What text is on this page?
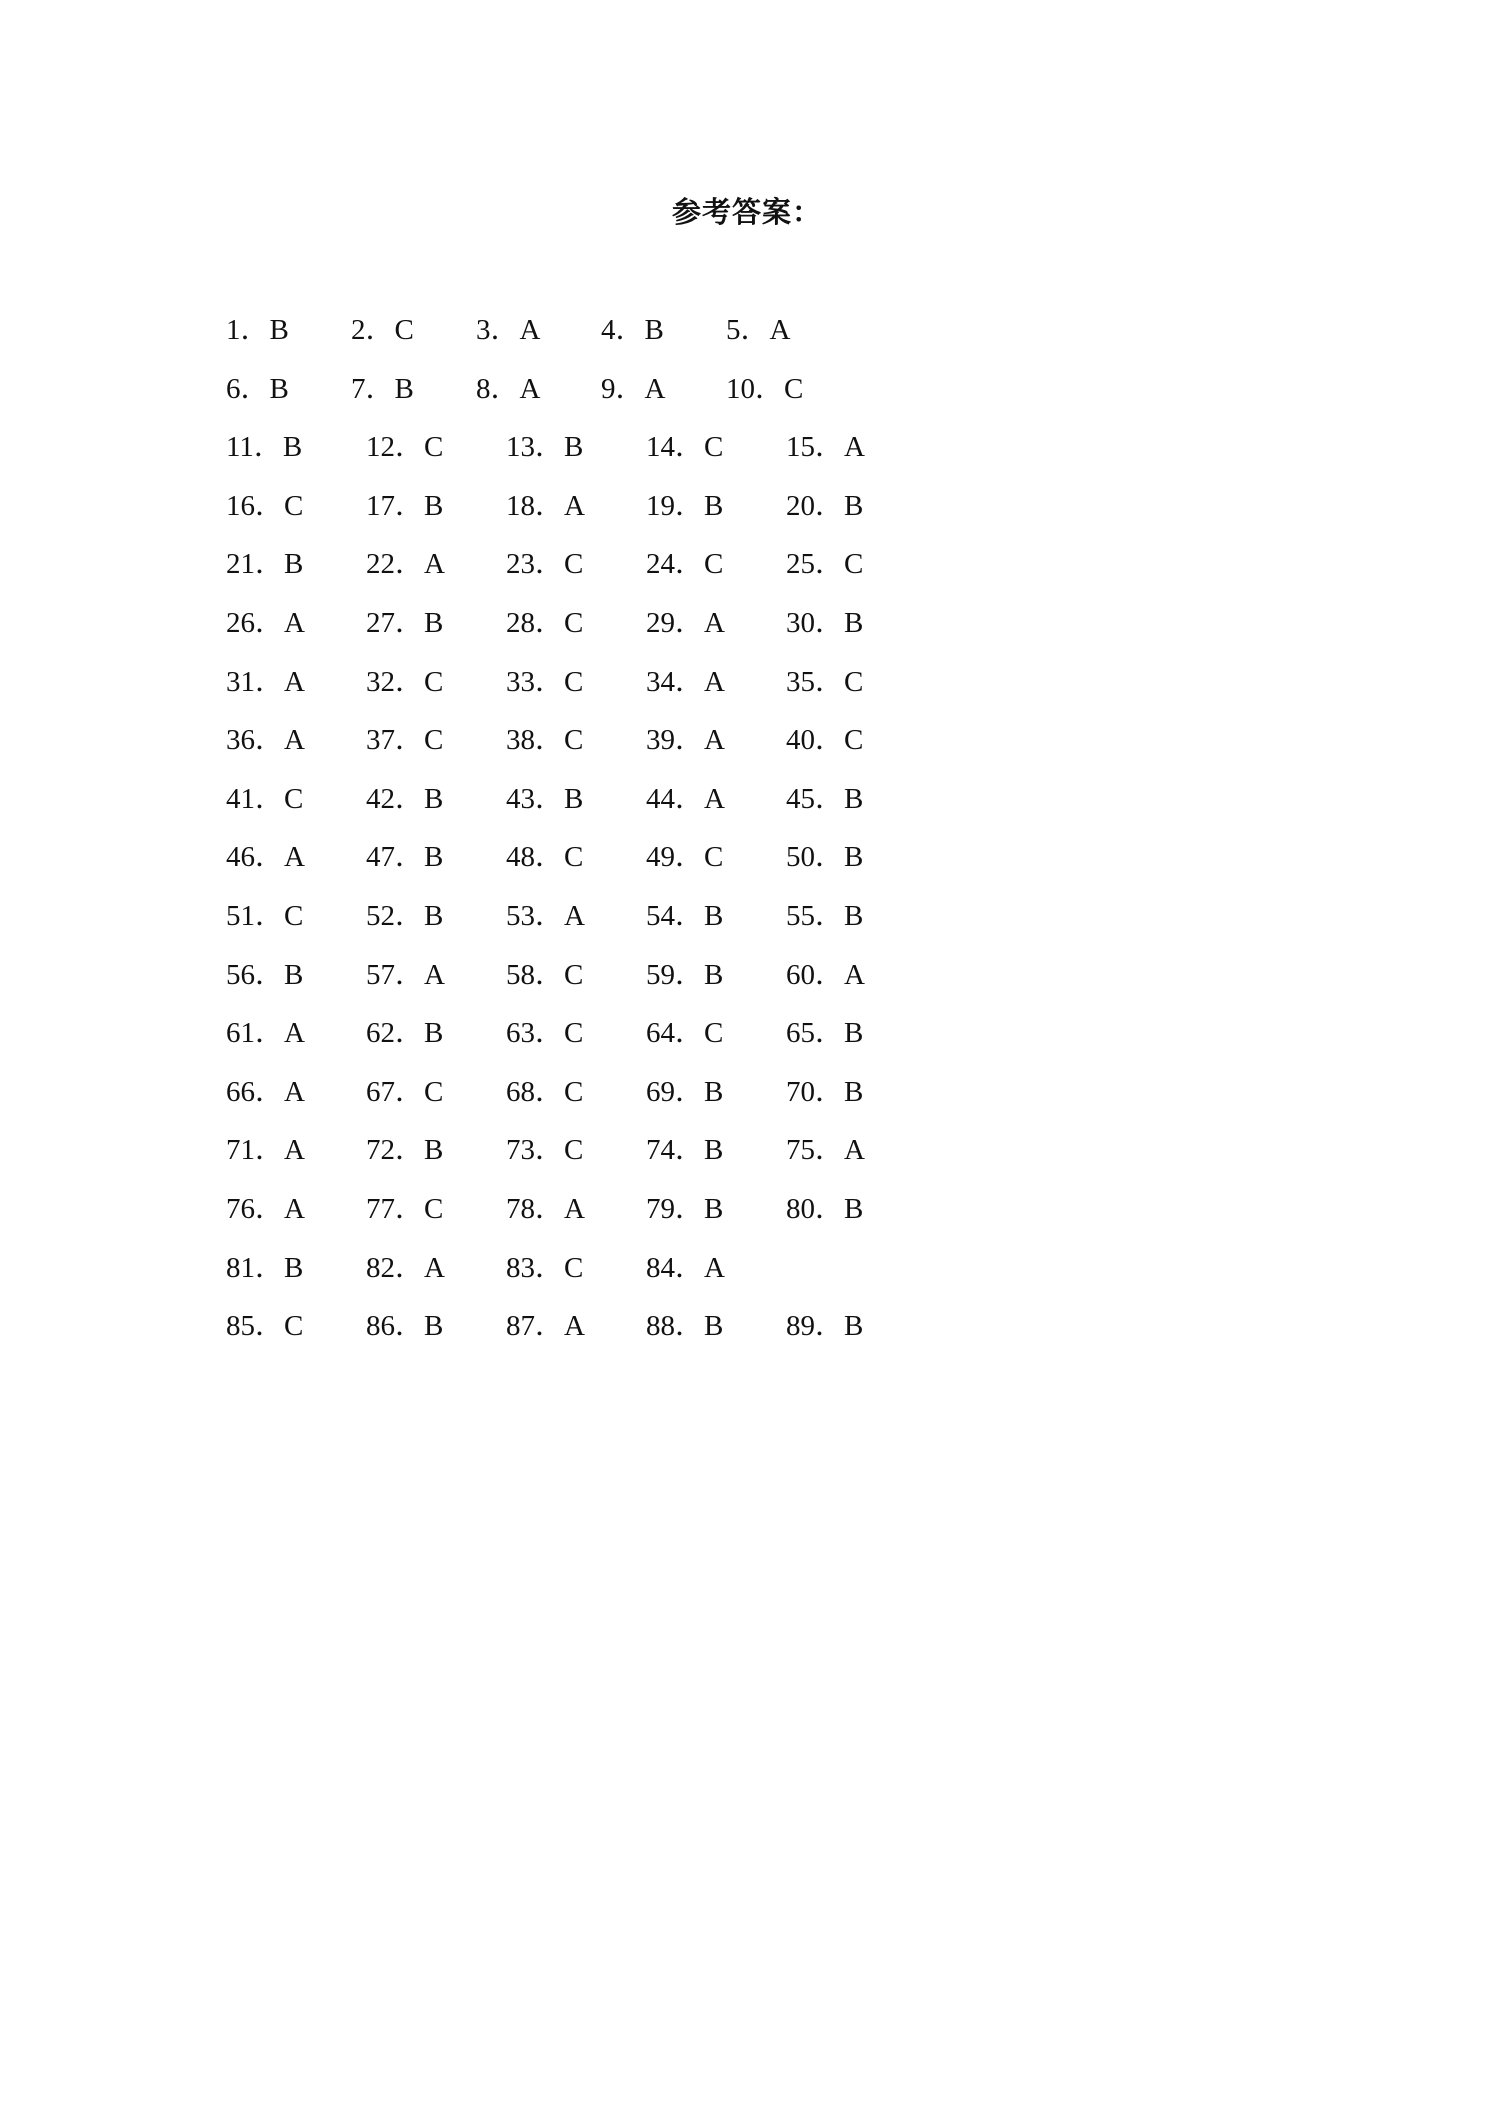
参考答案：
1．B 2．C 3．A 4．B 5．A
6．B 7．B 8．A 9．A 10．C
11．B 12．C 13．B 14．C 15．A
16．C 17．B 18．A 19．B 20．B
21．B 22．A 23．C 24．C 25．C
26．A 27．B 28．C 29．A 30．B
31．A 32．C 33．C 34．A 35．C
36．A 37．C 38．C 39．A 40．C
41．C 42．B 43．B 44．A 45．B
46．A 47．B 48．C 49．C 50．B
51．C 52．B 53．A 54．B 55．B
56．B 57．A 58．C 59．B 60．A
61．A 62．B 63．C 64．C 65．B
66．A 67．C 68．C 69．B 70．B
71．A 72．B 73．C 74．B 75．A
76．A 77．C 78．A 79．B 80．B
81．B 82．A 83．C 84．A
85．C 86．B 87．A 88．B 89．B
